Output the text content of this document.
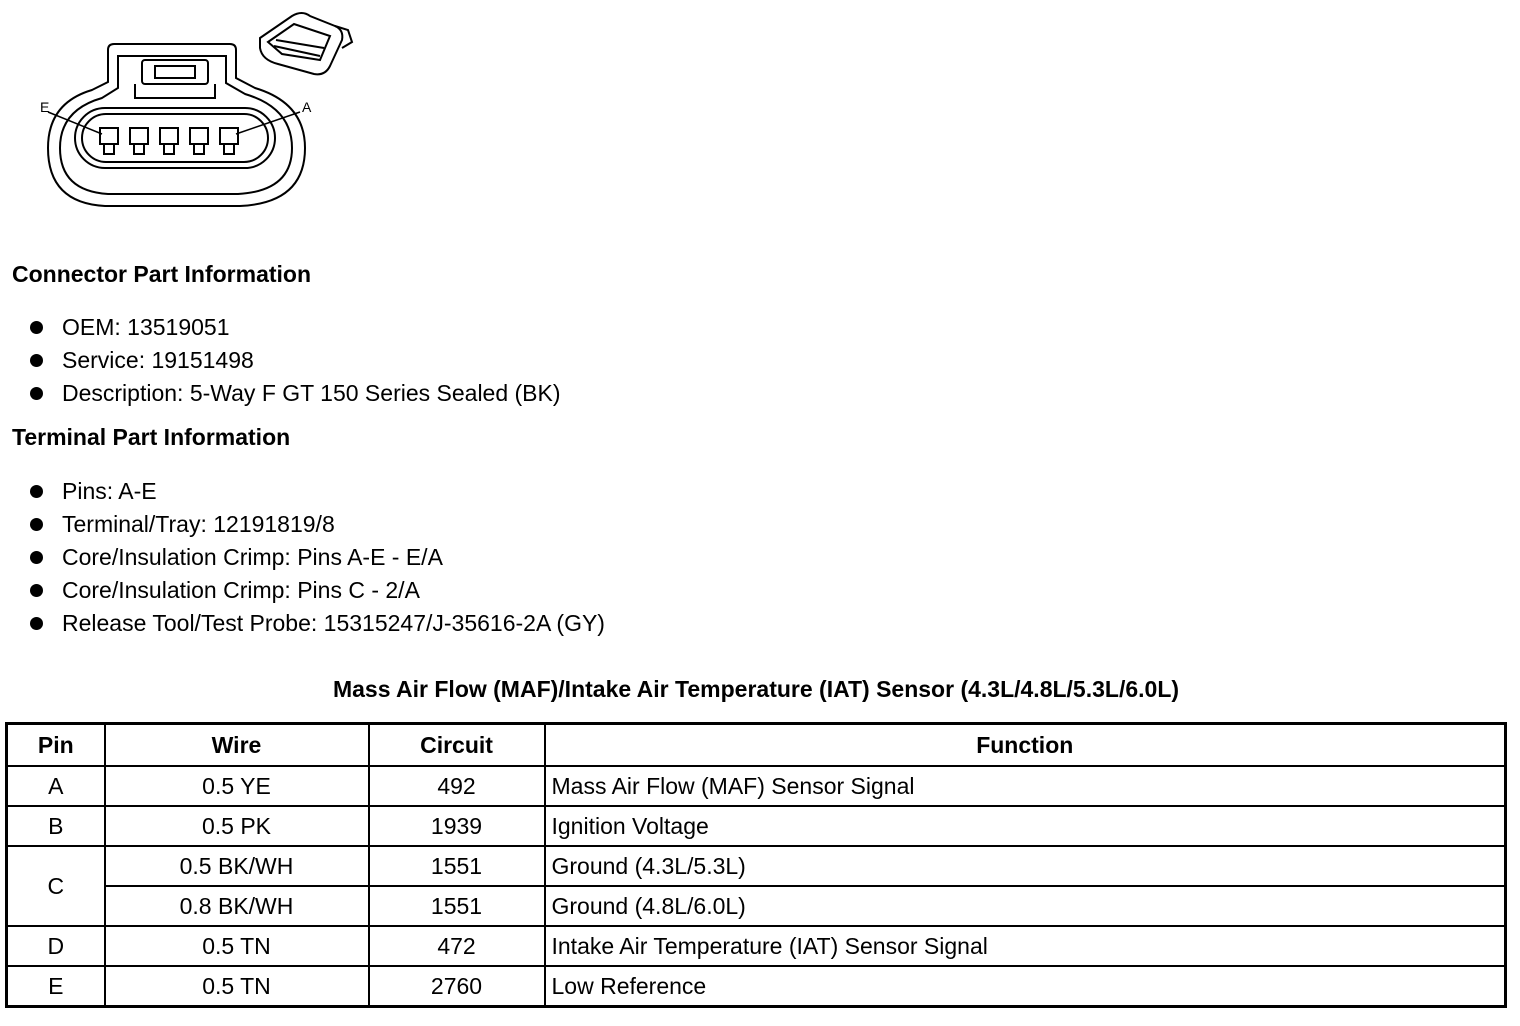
E	A
Connector Part Information
OEM: 13519051
Service: 19151498
Description: 5-Way F GT 150 Series Sealed (BK)
Terminal Part Information
Pins: A-E
Terminal/Tray: 12191819/8
Core/Insulation Crimp: Pins A-E - E/A
Core/Insulation Crimp: Pins C - 2/A
Release Tool/Test Probe: 15315247/J-35616-2A (GY)
Mass Air Flow (MAF)/Intake Air Temperature (IAT) Sensor (4.3L/4.8L/5.3L/6.0L)
Pin	Wire	Circuit	Function
A	0.5 YE	492	Mass Air Flow (MAF) Sensor Signal
B	0.5 PK	1939	Ignition Voltage
C	0.5 BK/WH	1551	Ground (4.3L/5.3L)
	0.8 BK/WH	1551	Ground (4.8L/6.0L)
D	0.5 TN	472	Intake Air Temperature (IAT) Sensor Signal
E	0.5 TN	2760	Low Reference
